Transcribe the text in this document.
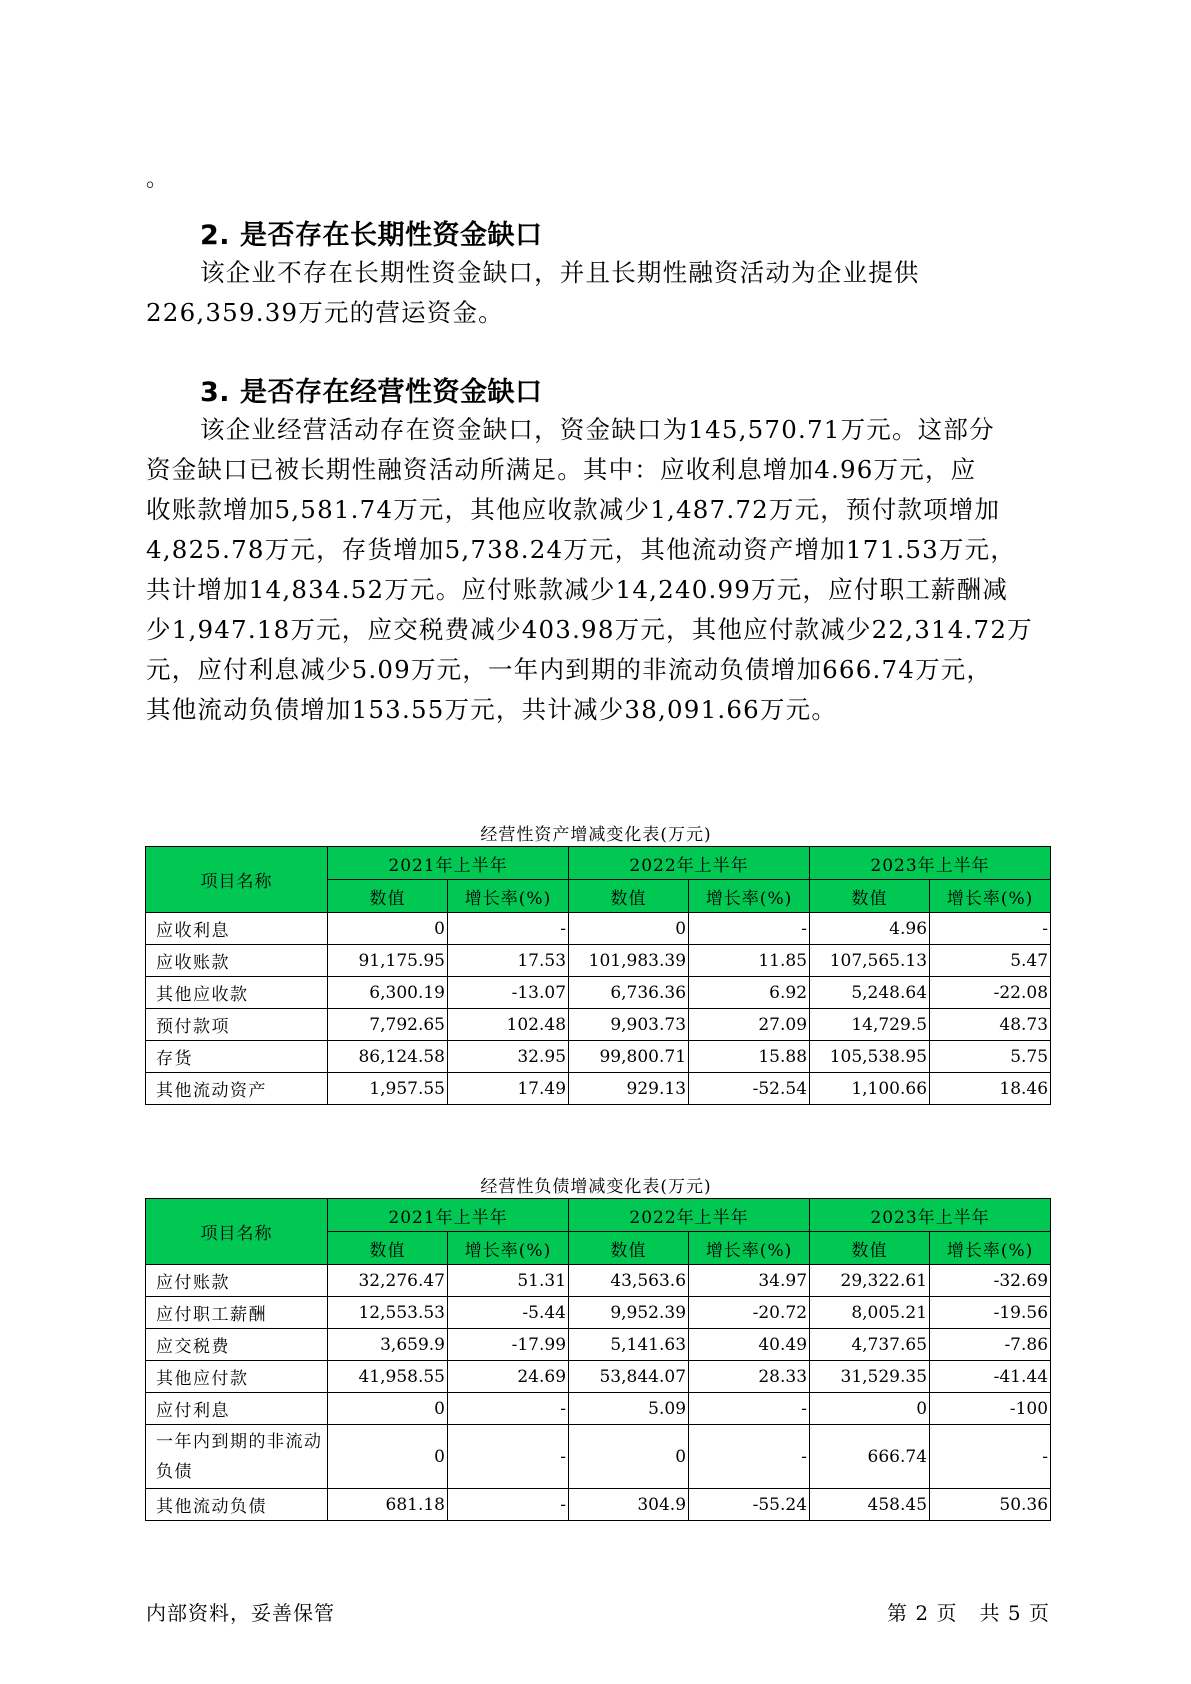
。
2. 是否存在长期性资金缺口
该企业不存在长期性资金缺口，并且长期性融资活动为企业提供
226,359.39万元的营运资金。
3. 是否存在经营性资金缺口
该企业经营活动存在资金缺口，资金缺口为145,570.71万元。这部分
资金缺口已被长期性融资活动所满足。其中：应收利息增加4.96万元，应
收账款增加5,581.74万元，其他应收款减少1,487.72万元，预付款项增加
4,825.78万元，存货增加5,738.24万元，其他流动资产增加171.53万元，
共计增加14,834.52万元。应付账款减少14,240.99万元，应付职工薪酬减
少1,947.18万元，应交税费减少403.98万元，其他应付款减少22,314.72万
元，应付利息减少5.09万元，一年内到期的非流动负债增加666.74万元，
其他流动负债增加153.55万元，共计减少38,091.66万元。
经营性资产增减变化表(万元)
项目名称	2021年上半年		2022年上半年		2023年上半年	
	数值	增长率(%)	数值	增长率(%)	数值	增长率(%)
应收利息	0	-	0	-	4.96	-
应收账款	91,175.95	17.53	101,983.39	11.85	107,565.13	5.47
其他应收款	6,300.19	-13.07	6,736.36	6.92	5,248.64	-22.08
预付款项	7,792.65	102.48	9,903.73	27.09	14,729.5	48.73
存货	86,124.58	32.95	99,800.71	15.88	105,538.95	5.75
其他流动资产	1,957.55	17.49	929.13	-52.54	1,100.66	18.46
经营性负债增减变化表(万元)
项目名称	2021年上半年		2022年上半年		2023年上半年	
	数值	增长率(%)	数值	增长率(%)	数值	增长率(%)
应付账款	32,276.47	51.31	43,563.6	34.97	29,322.61	-32.69
应付职工薪酬	12,553.53	-5.44	9,952.39	-20.72	8,005.21	-19.56
应交税费	3,659.9	-17.99	5,141.63	40.49	4,737.65	-7.86
其他应付款	41,958.55	24.69	53,844.07	28.33	31,529.35	-41.44
应付利息	0	-	5.09	-	0	-100
一年内到期的非流动负债	0	-	0	-	666.74	-
其他流动负债	681.18	-	304.9	-55.24	458.45	50.36
内部资料，妥善保管	第 2 页   共 5 页
